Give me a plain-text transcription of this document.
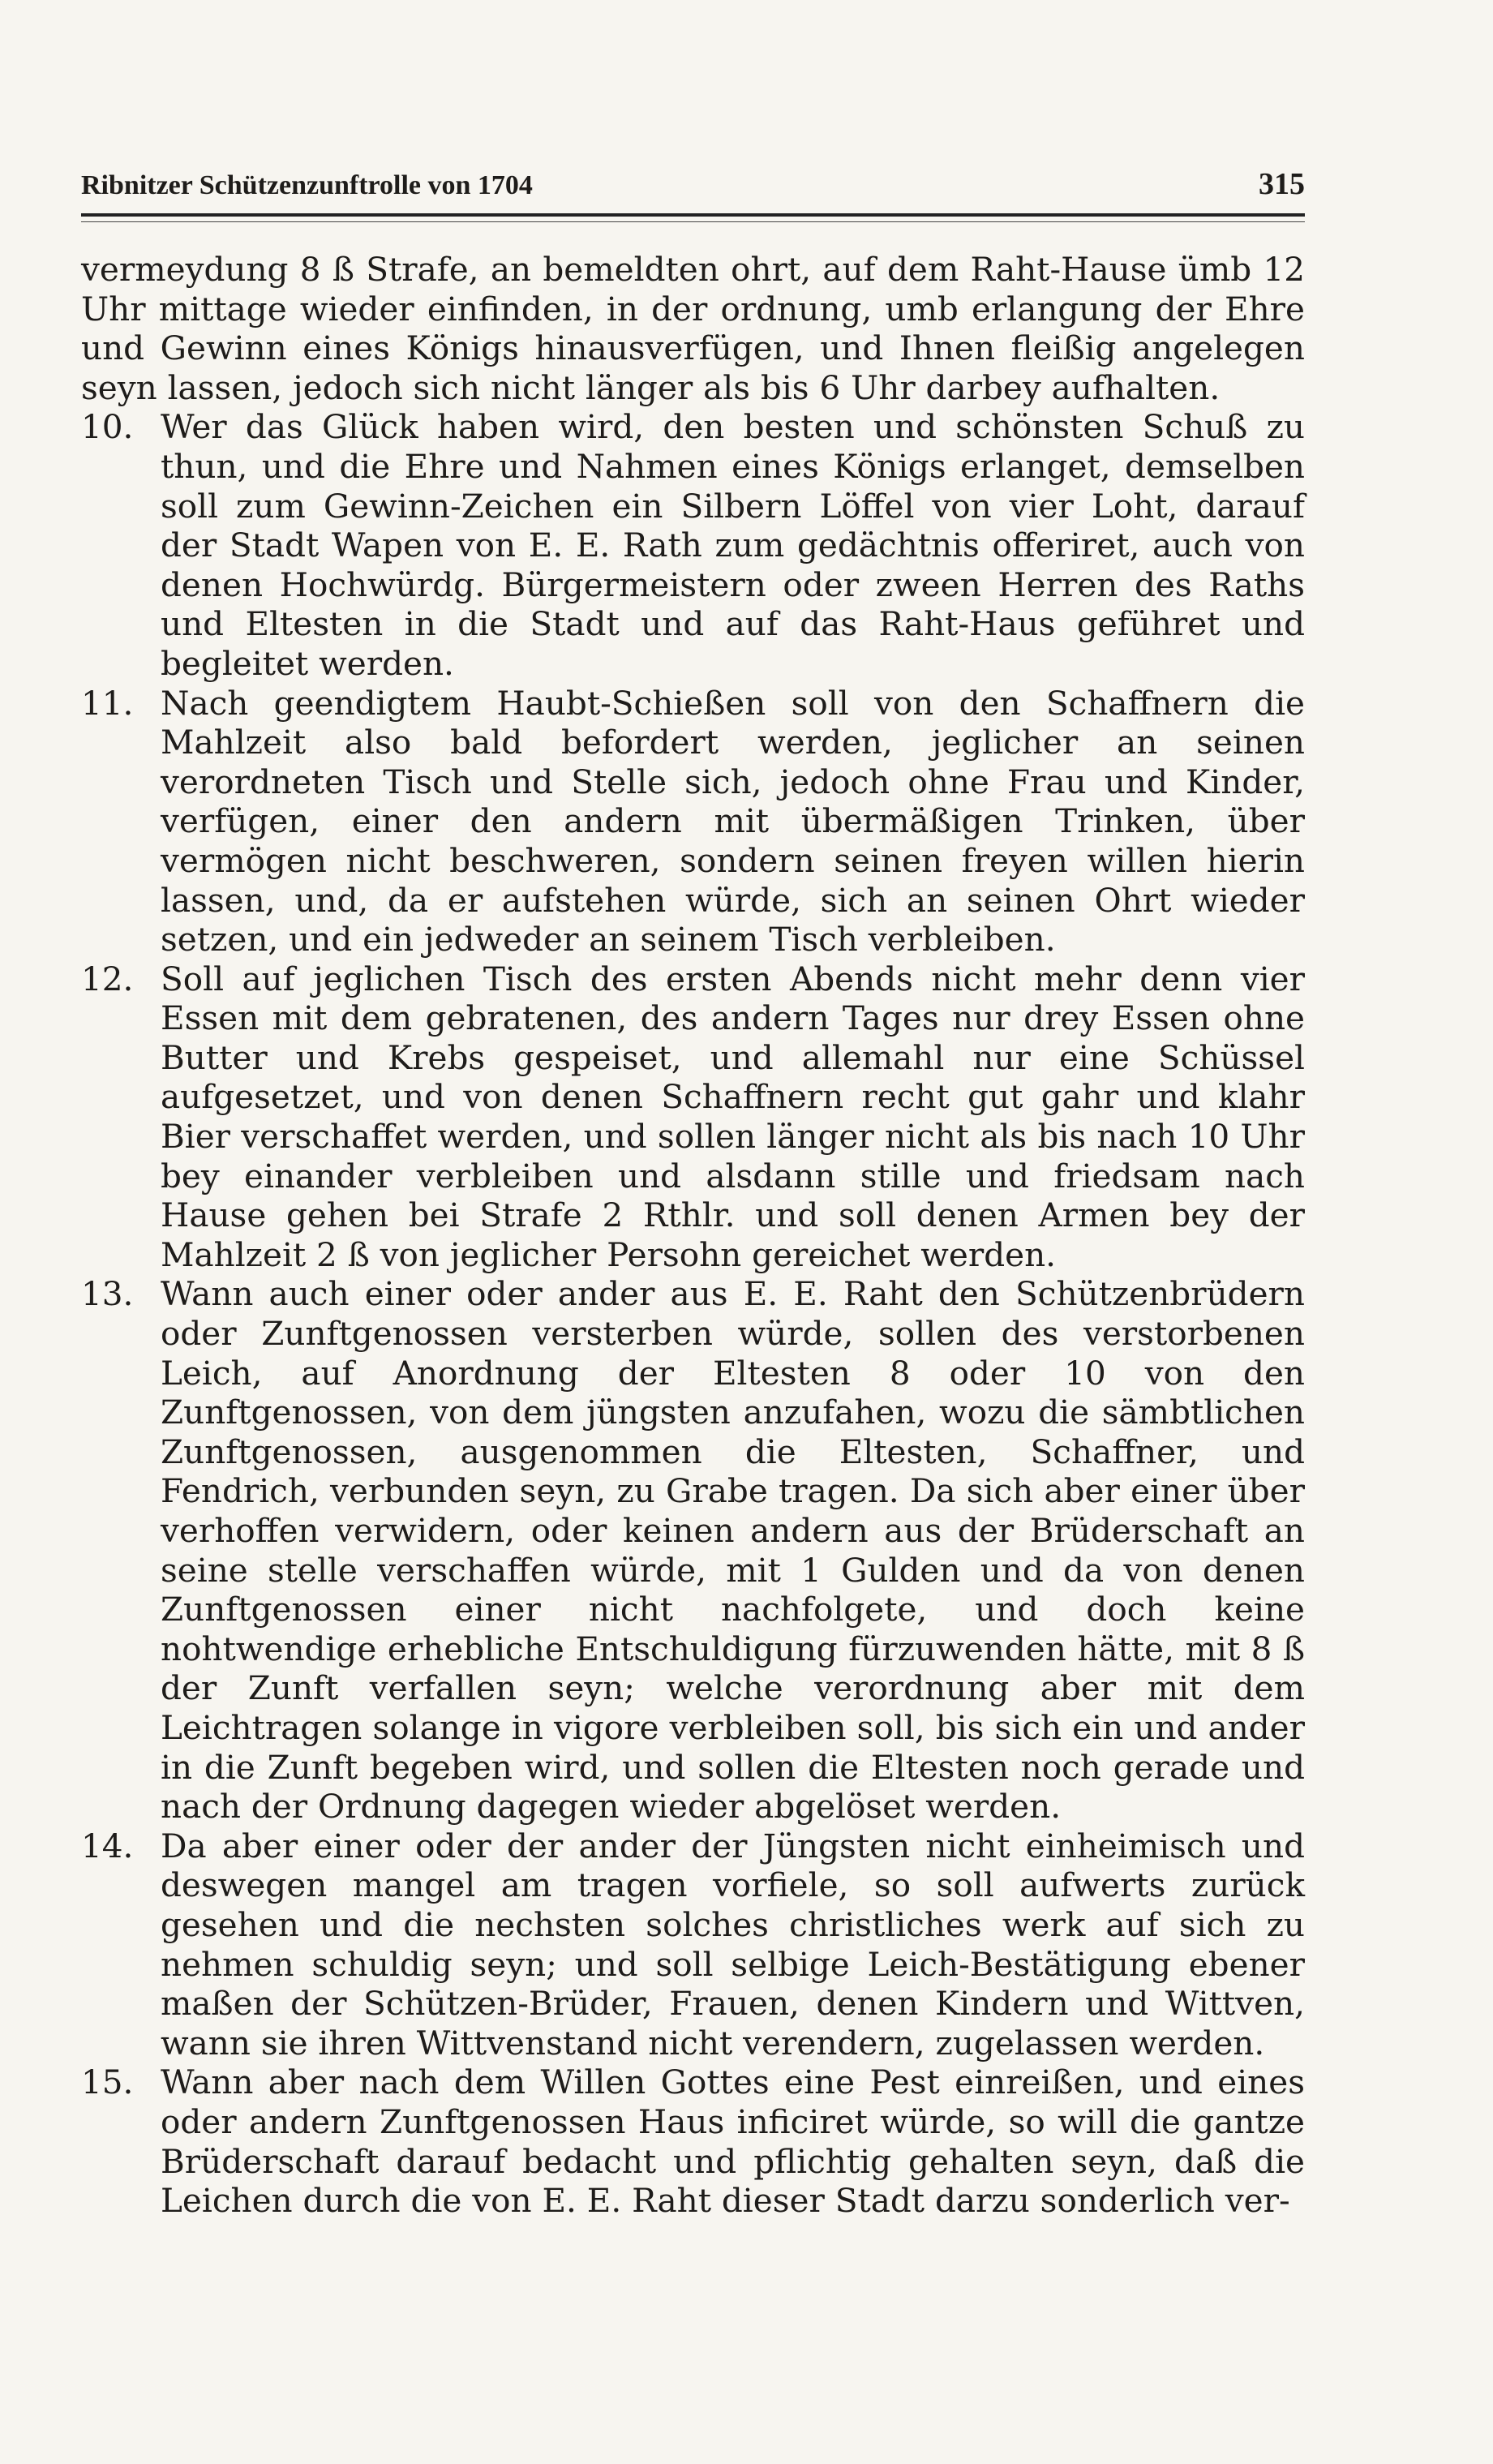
Ribnitzer Schützenzunftrolle von 1704	315

vermeydung 8 ß Strafe, an bemeldten ohrt, auf dem Raht-Hause ümb 12 Uhr mittage wieder einfinden, in der ordnung, umb erlangung der Ehre und Gewinn eines Königs hinausverfügen, und Ihnen fleißig angelegen seyn lassen, jedoch sich nicht länger als bis 6 Uhr darbey aufhalten.

10. Wer das Glück haben wird, den besten und schönsten Schuß zu thun, und die Ehre und Nahmen eines Königs erlanget, demselben soll zum Gewinn-Zeichen ein Silbern Löffel von vier Loht, darauf der Stadt Wapen von E. E. Rath zum gedächtnis offeriret, auch von denen Hochwürdg. Bürgermeistern oder zween Herren des Raths und Eltesten in die Stadt und auf das Raht-Haus geführet und begleitet werden.

11. Nach geendigtem Haubt-Schießen soll von den Schaffnern die Mahlzeit also bald befordert werden, jeglicher an seinen verordneten Tisch und Stelle sich, jedoch ohne Frau und Kinder, verfügen, einer den andern mit übermäßigen Trinken, über vermögen nicht beschweren, sondern seinen freyen willen hierin lassen, und, da er aufstehen würde, sich an seinen Ohrt wieder setzen, und ein jedweder an seinem Tisch verbleiben.

12. Soll auf jeglichen Tisch des ersten Abends nicht mehr denn vier Essen mit dem gebratenen, des andern Tages nur drey Essen ohne Butter und Krebs gespeiset, und allemahl nur eine Schüssel aufgesetzet, und von denen Schaffnern recht gut gahr und klahr Bier verschaffet werden, und sollen länger nicht als bis nach 10 Uhr bey einander verbleiben und alsdann stille und friedsam nach Hause gehen bei Strafe 2 Rthlr. und soll denen Armen bey der Mahlzeit 2 ß von jeglicher Persohn gereichet werden.

13. Wann auch einer oder ander aus E. E. Raht den Schützenbrüdern oder Zunftgenossen versterben würde, sollen des verstorbenen Leich, auf Anordnung der Eltesten 8 oder 10 von den Zunftgenossen, von dem jüngsten anzufahen, wozu die sämbtlichen Zunftgenossen, ausgenommen die Eltesten, Schaffner, und Fendrich, verbunden seyn, zu Grabe tragen. Da sich aber einer über verhoffen verwidern, oder keinen andern aus der Brüderschaft an seine stelle verschaffen würde, mit 1 Gulden und da von denen Zunftgenossen einer nicht nachfolgete, und doch keine nohtwendige erhebliche Entschuldigung fürzuwenden hätte, mit 8 ß der Zunft verfallen seyn; welche verordnung aber mit dem Leichtragen solange in vigore verbleiben soll, bis sich ein und ander in die Zunft begeben wird, und sollen die Eltesten noch gerade und nach der Ordnung dagegen wieder abgelöset werden.

14. Da aber einer oder der ander der Jüngsten nicht einheimisch und deswegen mangel am tragen vorfiele, so soll aufwerts zurück gesehen und die nechsten solches christliches werk auf sich zu nehmen schuldig seyn; und soll selbige Leich-Bestätigung ebener maßen der Schützen-Brüder, Frauen, denen Kindern und Wittven, wann sie ihren Wittvenstand nicht verendern, zugelassen werden.

15. Wann aber nach dem Willen Gottes eine Pest einreißen, und eines oder andern Zunftgenossen Haus inficiret würde, so will die gantze Brüderschaft darauf bedacht und pflichtig gehalten seyn, daß die Leichen durch die von E. E. Raht dieser Stadt darzu sonderlich ver-
